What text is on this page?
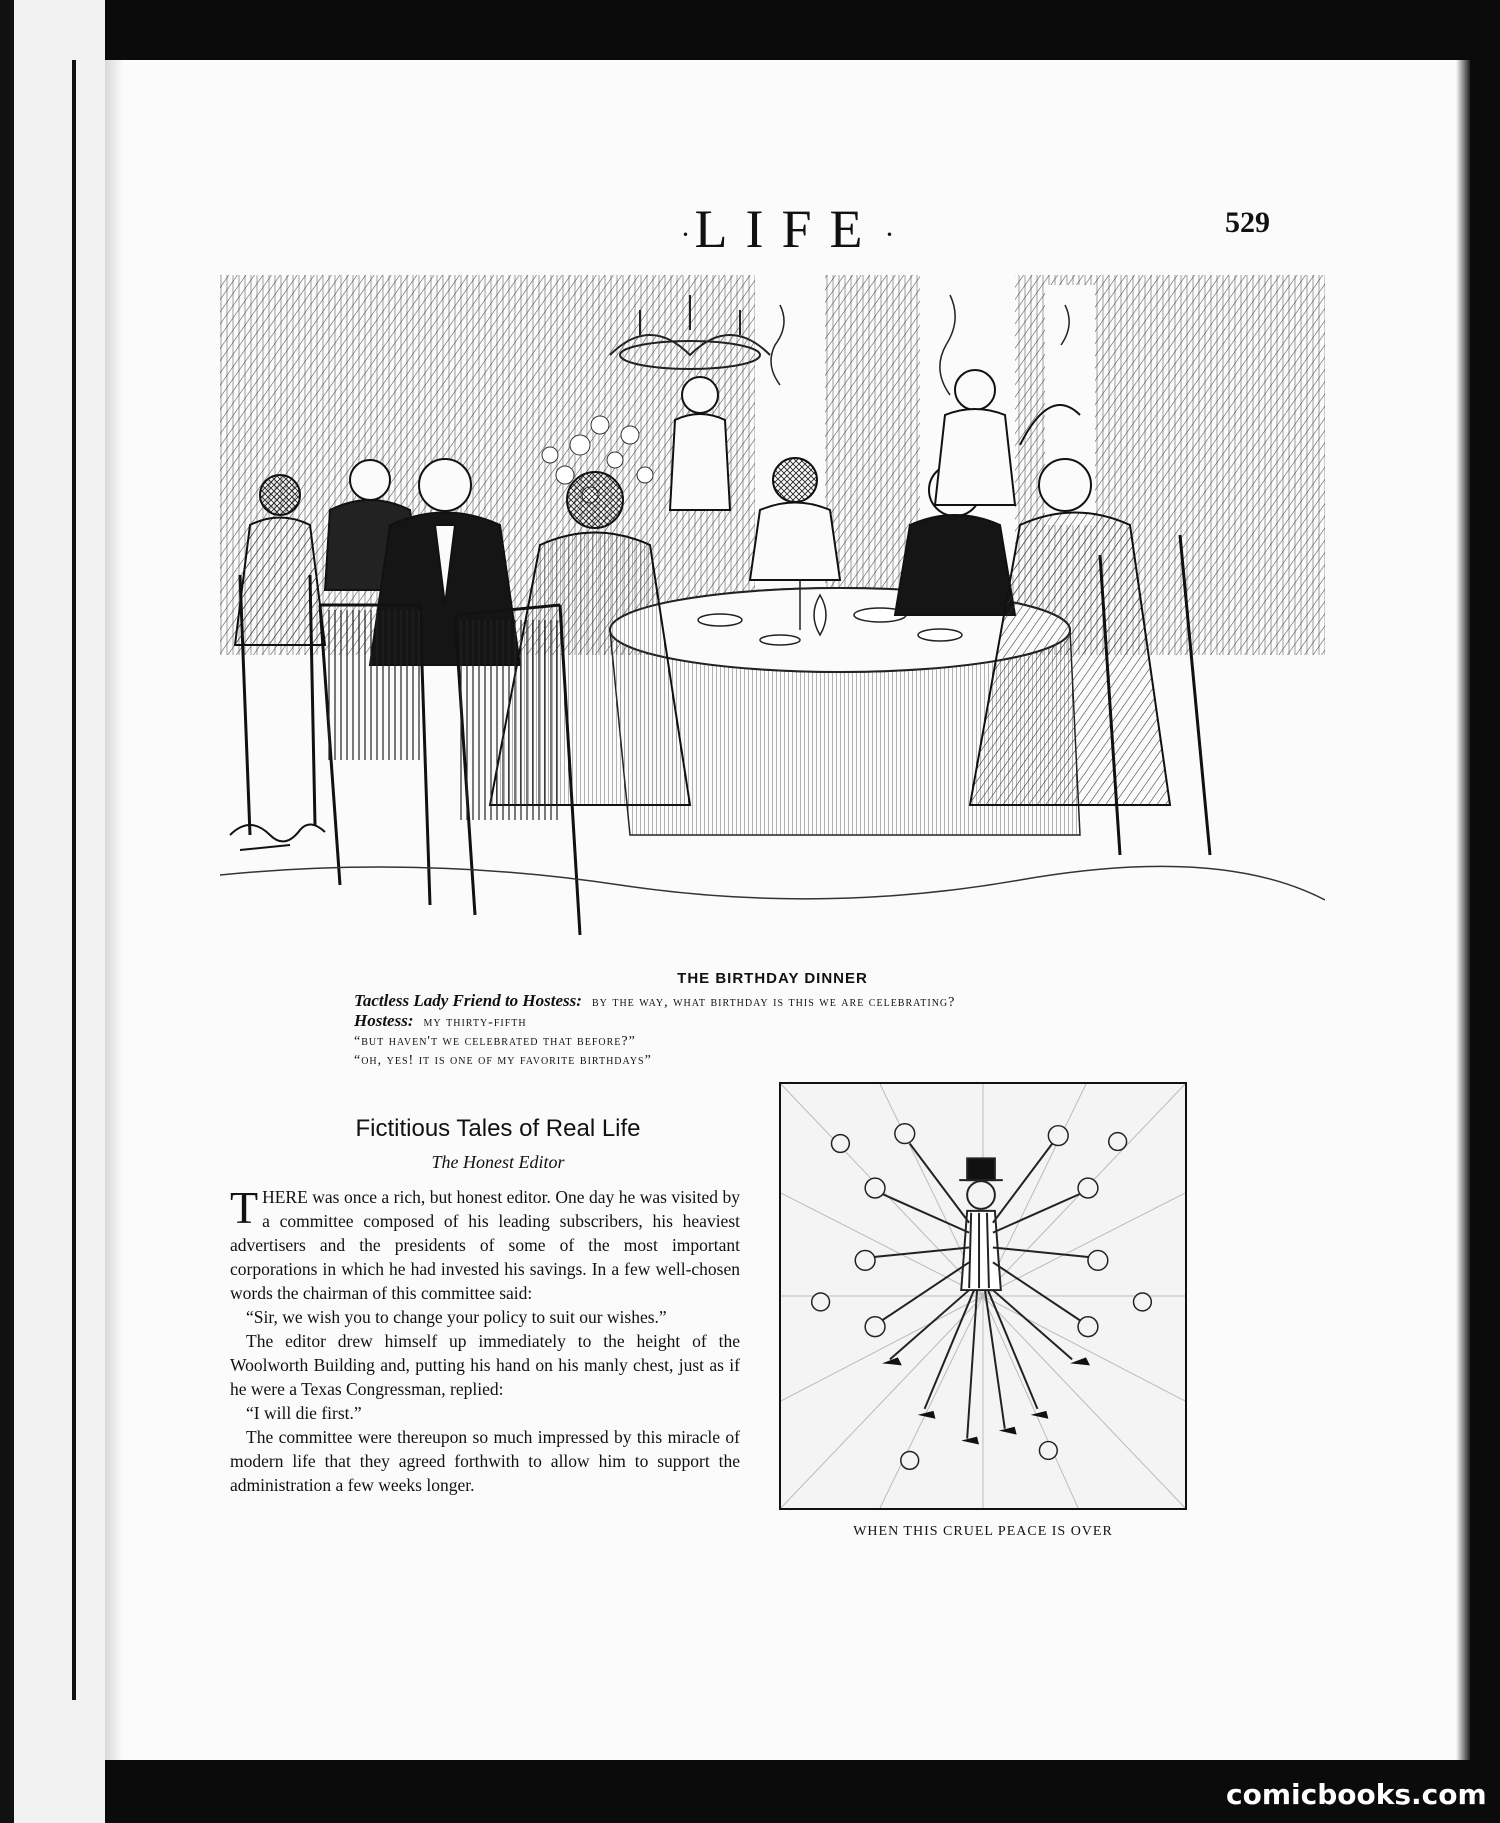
·LIFE ·	529
THE BIRTHDAY DINNER
Tactless Lady Friend to Hostess: by the way, what birthday is this we are celebrating?
Hostess: my thirty-fifth
“but haven't we celebrated that before?”
“oh, yes! it is one of my favorite birthdays”
Fictitious Tales of Real Life
The Honest Editor

THERE was once a rich, but honest editor. One day he was visited by a committee composed of his leading subscribers, his heaviest advertisers and the presidents of some of the most important corporations in which he had invested his savings. In a few well-chosen words the chairman of this committee said:

“Sir, we wish you to change your policy to suit our wishes.”

The editor drew himself up immediately to the height of the Woolworth Building and, putting his hand on his manly chest, just as if he were a Texas Congressman, replied:

“I will die first.”

The committee were thereupon so much impressed by this miracle of modern life that they agreed forthwith to allow him to support the administration a few weeks longer.

WHEN THIS CRUEL PEACE IS OVER
comicbooks.com
